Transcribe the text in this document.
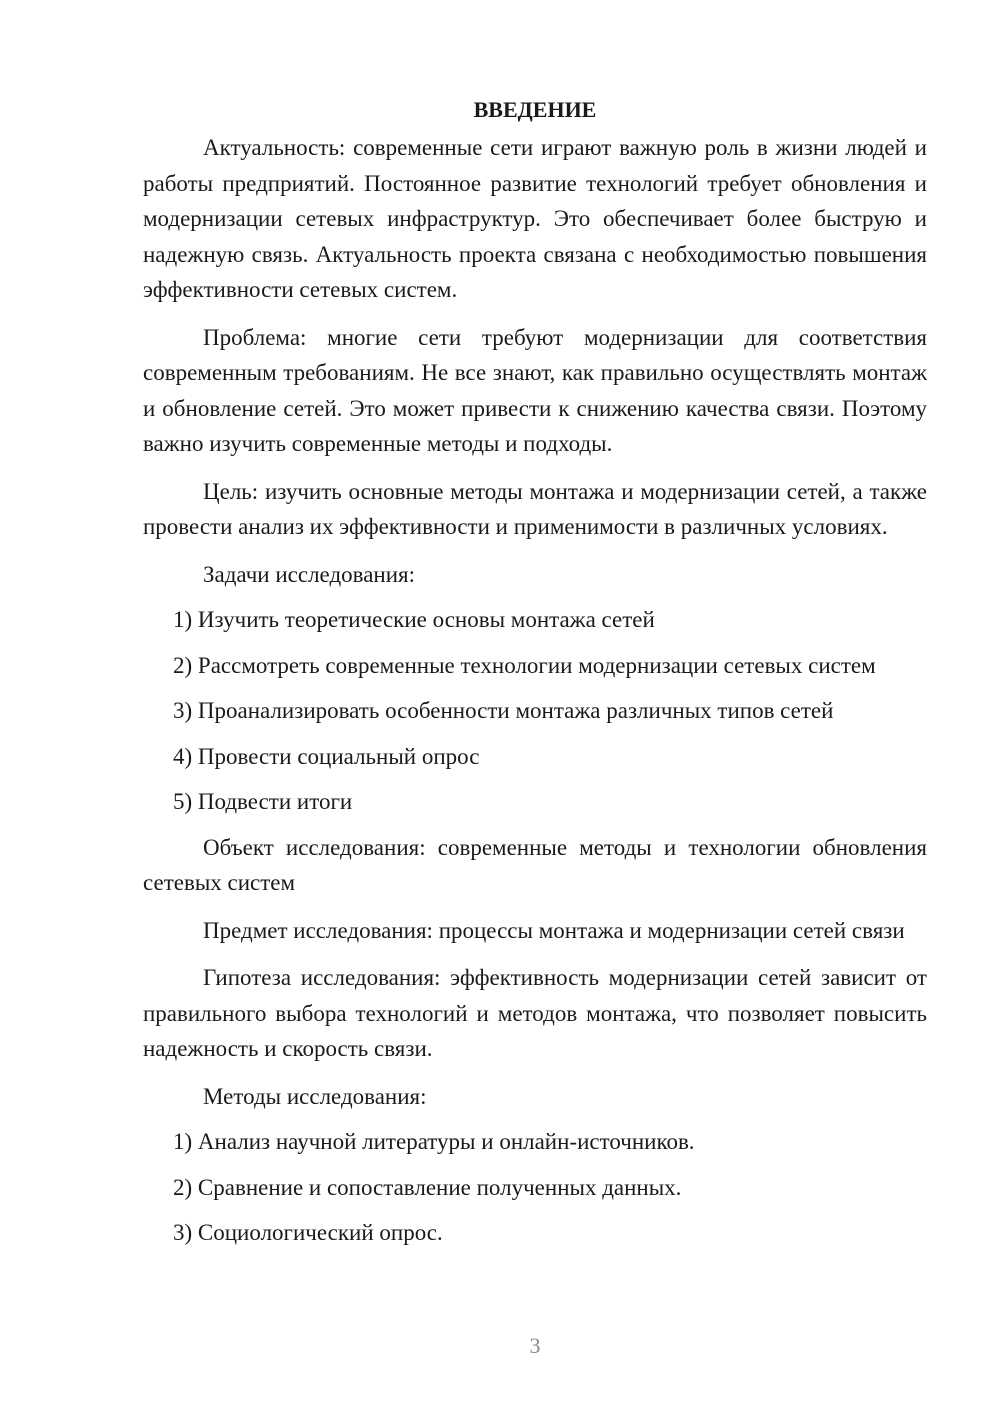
ВВЕДЕНИЕ

Актуальность: современные сети играют важную роль в жизни людей и работы предприятий. Постоянное развитие технологий требует обновления и модернизации сетевых инфраструктур. Это обеспечивает более быструю и надежную связь. Актуальность проекта связана с необходимостью повышения эффективности сетевых систем.

Проблема: многие сети требуют модернизации для соответствия современным требованиям. Не все знают, как правильно осуществлять монтаж и обновление сетей. Это может привести к снижению качества связи. Поэтому важно изучить современные методы и подходы.

Цель: изучить основные методы монтажа и модернизации сетей, а также провести анализ их эффективности и применимости в различных условиях.

Задачи исследования:

1) Изучить теоретические основы монтажа сетей
2) Рассмотреть современные технологии модернизации сетевых систем
3) Проанализировать особенности монтажа различных типов сетей
4) Провести социальный опрос
5) Подвести итоги

Объект исследования: современные методы и технологии обновления сетевых систем

Предмет исследования: процессы монтажа и модернизации сетей связи

Гипотеза исследования: эффективность модернизации сетей зависит от правильного выбора технологий и методов монтажа, что позволяет повысить надежность и скорость связи.

Методы исследования:

1) Анализ научной литературы и онлайн-источников.
2) Сравнение и сопоставление полученных данных.
3) Социологический опрос.
3
